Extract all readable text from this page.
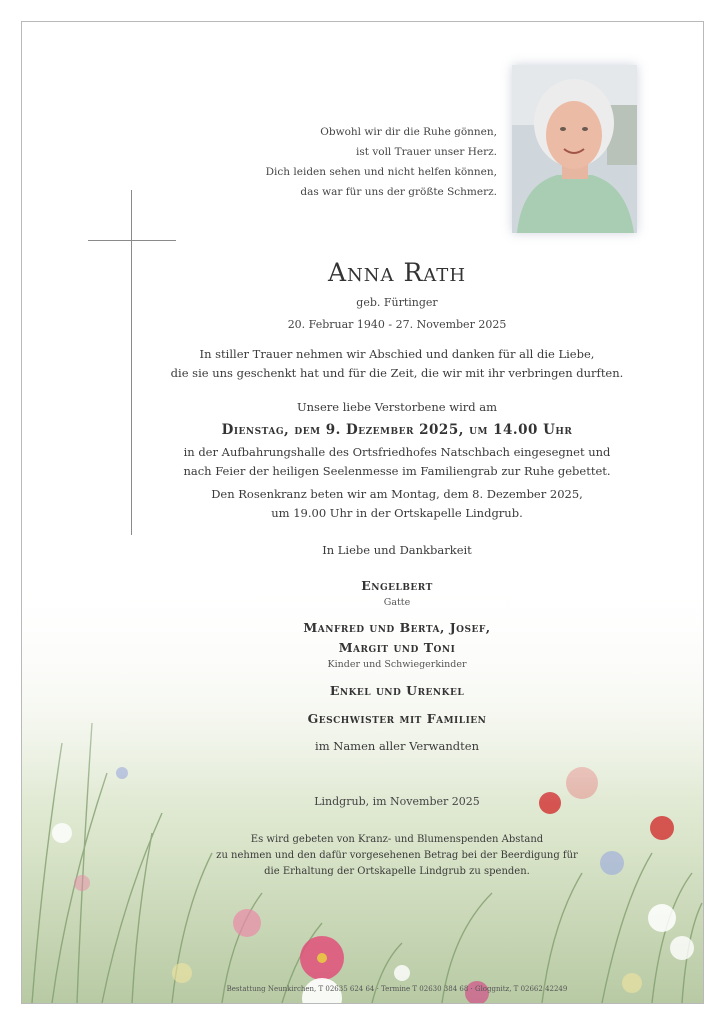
Obwohl wir dir die Ruhe gönnen,
ist voll Trauer unser Herz.
Dich leiden sehen und nicht helfen können,
das war für uns der größte Schmerz.
Anna Rath
geb. Fürtinger
20. Februar 1940 - 27. November 2025
In stiller Trauer nehmen wir Abschied und danken für all die Liebe,
die sie uns geschenkt hat und für die Zeit, die wir mit ihr verbringen durften.
Unsere liebe Verstorbene wird am
Dienstag, dem 9. Dezember 2025, um 14.00 Uhr
in der Aufbahrungshalle des Ortsfriedhofes Natschbach eingesegnet und
nach Feier der heiligen Seelenmesse im Familiengrab zur Ruhe gebettet.
Den Rosenkranz beten wir am Montag, dem 8. Dezember 2025,
um 19.00 Uhr in der Ortskapelle Lindgrub.
In Liebe und Dankbarkeit
Engelbert
Gatte
Manfred und Berta, Josef,
Margit und Toni
Kinder und Schwiegerkinder
Enkel und Urenkel
Geschwister mit Familien
im Namen aller Verwandten
Lindgrub, im November 2025
Es wird gebeten von Kranz- und Blumenspenden Abstand
zu nehmen und den dafür vorgesehenen Betrag bei der Beerdigung für
die Erhaltung der Ortskapelle Lindgrub zu spenden.
Bestattung Neunkirchen, T 02635 624 64 · Termine T 02630 384 68 · Gloggnitz, T 02662 42249
